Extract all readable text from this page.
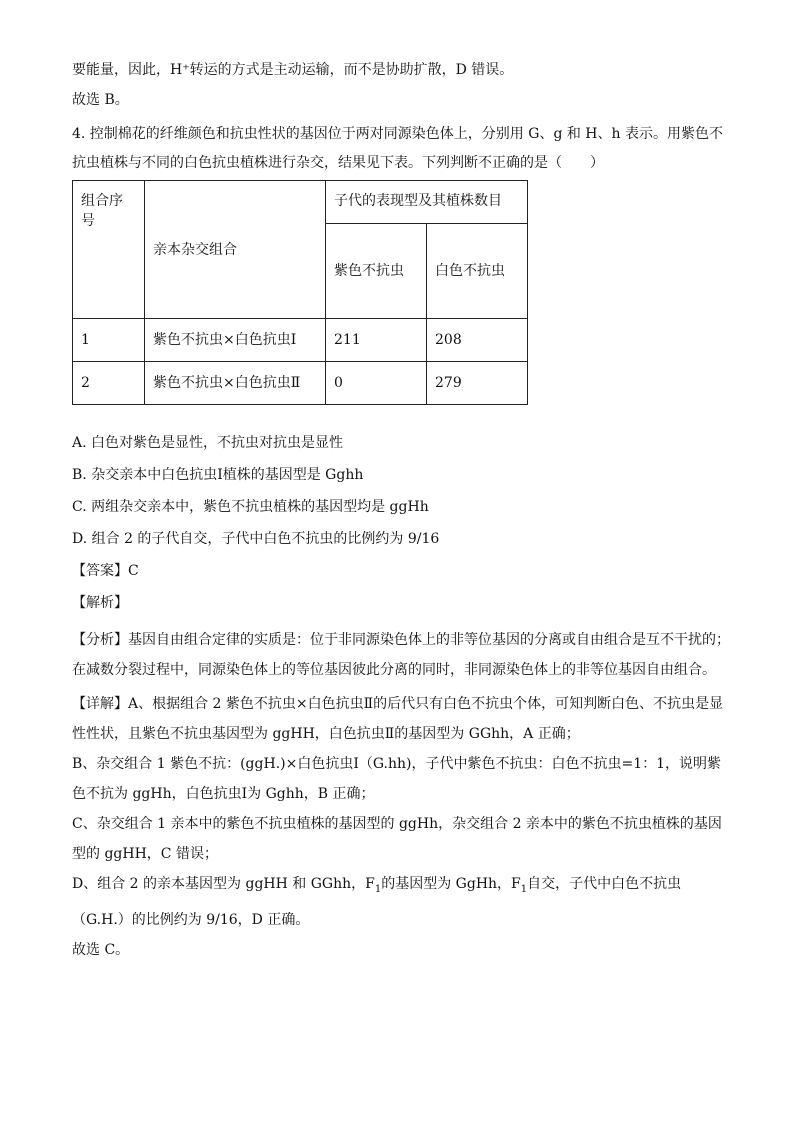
要能量，因此，H⁺转运的方式是主动运输，而不是协助扩散，D 错误。

故选 B。

4. 控制棉花的纤维颜色和抗虫性状的基因位于两对同源染色体上，分别用 G、g 和 H、h 表示。用紫色不抗虫植株与不同的白色抗虫植株进行杂交，结果见下表。下列判断不正确的是（　　）

组合序号	亲本杂交组合	子代的表现型及其植株数目	
		紫色不抗虫	白色不抗虫
1	紫色不抗虫×白色抗虫Ⅰ	211	208
2	紫色不抗虫×白色抗虫Ⅱ	0	279

A. 白色对紫色是显性，不抗虫对抗虫是显性

B. 杂交亲本中白色抗虫Ⅰ植株的基因型是 Gghh

C. 两组杂交亲本中，紫色不抗虫植株的基因型均是 ggHh

D. 组合 2 的子代自交，子代中白色不抗虫的比例约为 9/16

【答案】C

【解析】

【分析】基因自由组合定律的实质是：位于非同源染色体上的非等位基因的分离或自由组合是互不干扰的；在减数分裂过程中，同源染色体上的等位基因彼此分离的同时，非同源染色体上的非等位基因自由组合。

【详解】A、根据组合 2 紫色不抗虫×白色抗虫Ⅱ的后代只有白色不抗虫个体，可知判断白色、不抗虫是显性性状，且紫色不抗虫基因型为 ggHH，白色抗虫Ⅱ的基因型为 GGhh，A 正确；

B、杂交组合 1 紫色不抗：(ggH.)×白色抗虫Ⅰ（G.hh)，子代中紫色不抗虫：白色不抗虫=1：1，说明紫色不抗为 ggHh，白色抗虫Ⅰ为 Gghh，B 正确；

C、杂交组合 1 亲本中的紫色不抗虫植株的基因型的 ggHh，杂交组合 2 亲本中的紫色不抗虫植株的基因型的 ggHH，C 错误；

D、组合 2 的亲本基因型为 ggHH 和 GGhh，$F_1$的基因型为 GgHh，$F_1$自交，子代中白色不抗虫（G.H.）的比例约为 9/16，D 正确。

故选 C。
